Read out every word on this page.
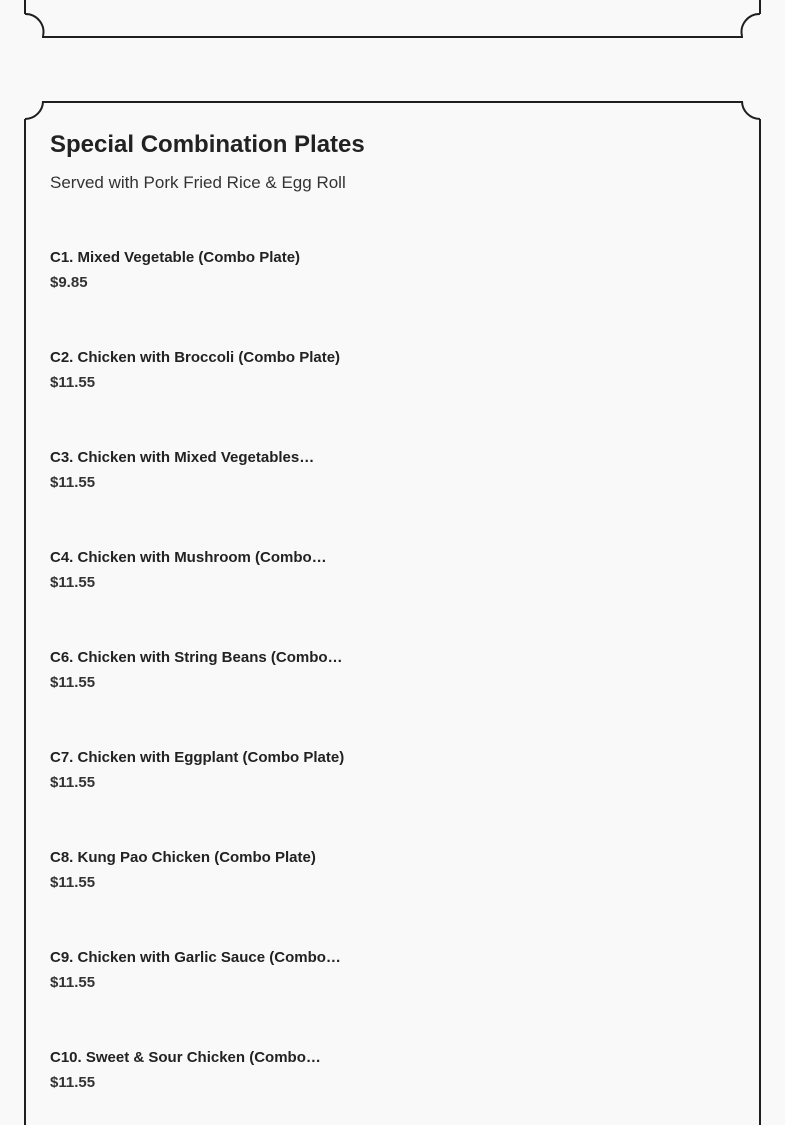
Special Combination Plates

Served with Pork Fried Rice & Egg Roll

C1. Mixed Vegetable (Combo Plate)
$9.85
C2. Chicken with Broccoli (Combo Plate)
$11.55
C3. Chicken with Mixed Vegetables…
$11.55
C4. Chicken with Mushroom (Combo…
$11.55
C6. Chicken with String Beans (Combo…
$11.55
C7. Chicken with Eggplant (Combo Plate)
$11.55
C8. Kung Pao Chicken (Combo Plate)
$11.55
C9. Chicken with Garlic Sauce (Combo…
$11.55
C10. Sweet & Sour Chicken (Combo…
$11.55
